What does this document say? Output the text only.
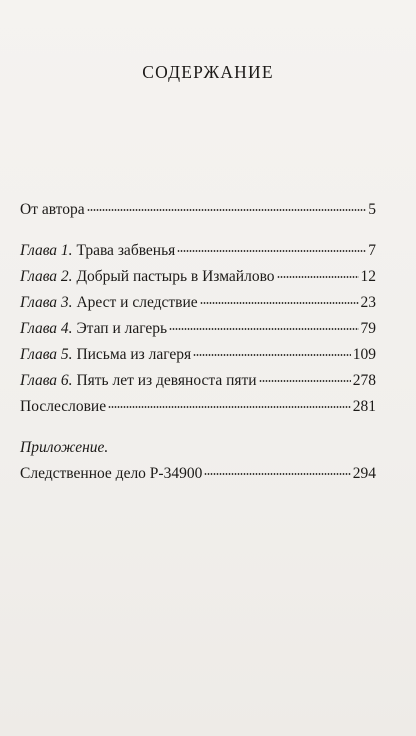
СОДЕРЖАНИЕ
От автора	5
Глава 1. Трава забвенья	7
Глава 2. Добрый пастырь в Измайлово	12
Глава 3. Арест и следствие	23
Глава 4. Этап и лагерь	79
Глава 5. Письма из лагеря	109
Глава 6. Пять лет из девяноста пяти	278
Послесловие	281
Приложение.
Следственное дело Р-34900	294
